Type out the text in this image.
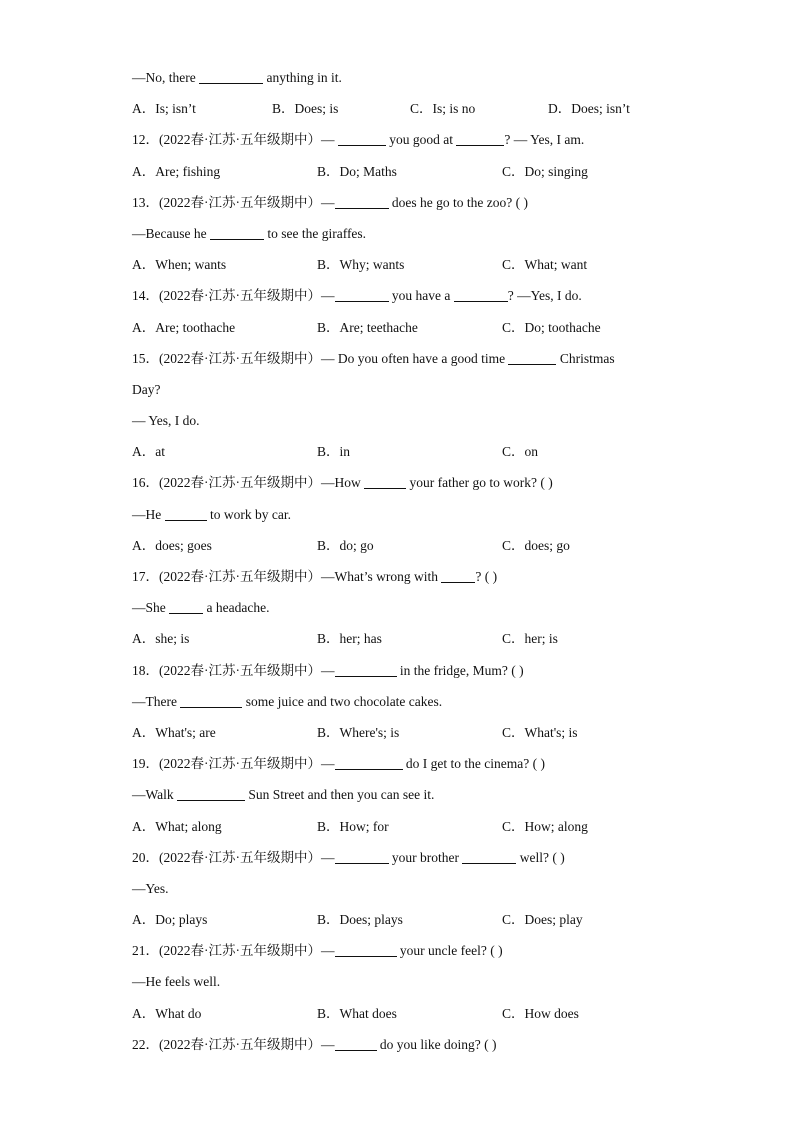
—No, there	anything in it.
A．Is; isn’t	B．Does; is	C．Is; is no	D．Does; isn’t
12．(2022春·江苏·五年级期中）—	you good at	? — Yes, I am.
A．Are; fishing	B．Do; Maths	C．Do; singing
13．(2022春·江苏·五年级期中）—	does he go to the zoo? ( )
—Because he	to see the giraffes.
A．When; wants	B．Why; wants	C．What; want
14．(2022春·江苏·五年级期中）—	you have a	? —Yes, I do.
A．Are; toothache	B．Are; teethache	C．Do; toothache
15．(2022春·江苏·五年级期中）— Do you often have a good time	Christmas
Day?
— Yes, I do.
A．at	B．in	C．on
16．(2022春·江苏·五年级期中）—How	your father go to work? ( )
—He	to work by car.
A．does; goes	B．do; go	C．does; go
17．(2022春·江苏·五年级期中）—What’s wrong with	? ( )
—She	a headache.
A．she; is	B．her; has	C．her; is
18．(2022春·江苏·五年级期中）—	in the fridge, Mum? ( )
—There	some juice and two chocolate cakes.
A．What's; are	B．Where's; is	C．What's; is
19．(2022春·江苏·五年级期中）—	do I get to the cinema? ( )
—Walk	Sun Street and then you can see it.
A．What; along	B．How; for	C．How; along
20．(2022春·江苏·五年级期中）—	your brother	well? ( )
—Yes.
A．Do; plays	B．Does; plays	C．Does; play
21．(2022春·江苏·五年级期中）—	your uncle feel? ( )
—He feels well.
A．What do	B．What does	C．How does
22．(2022春·江苏·五年级期中）—	do you like doing? ( )
